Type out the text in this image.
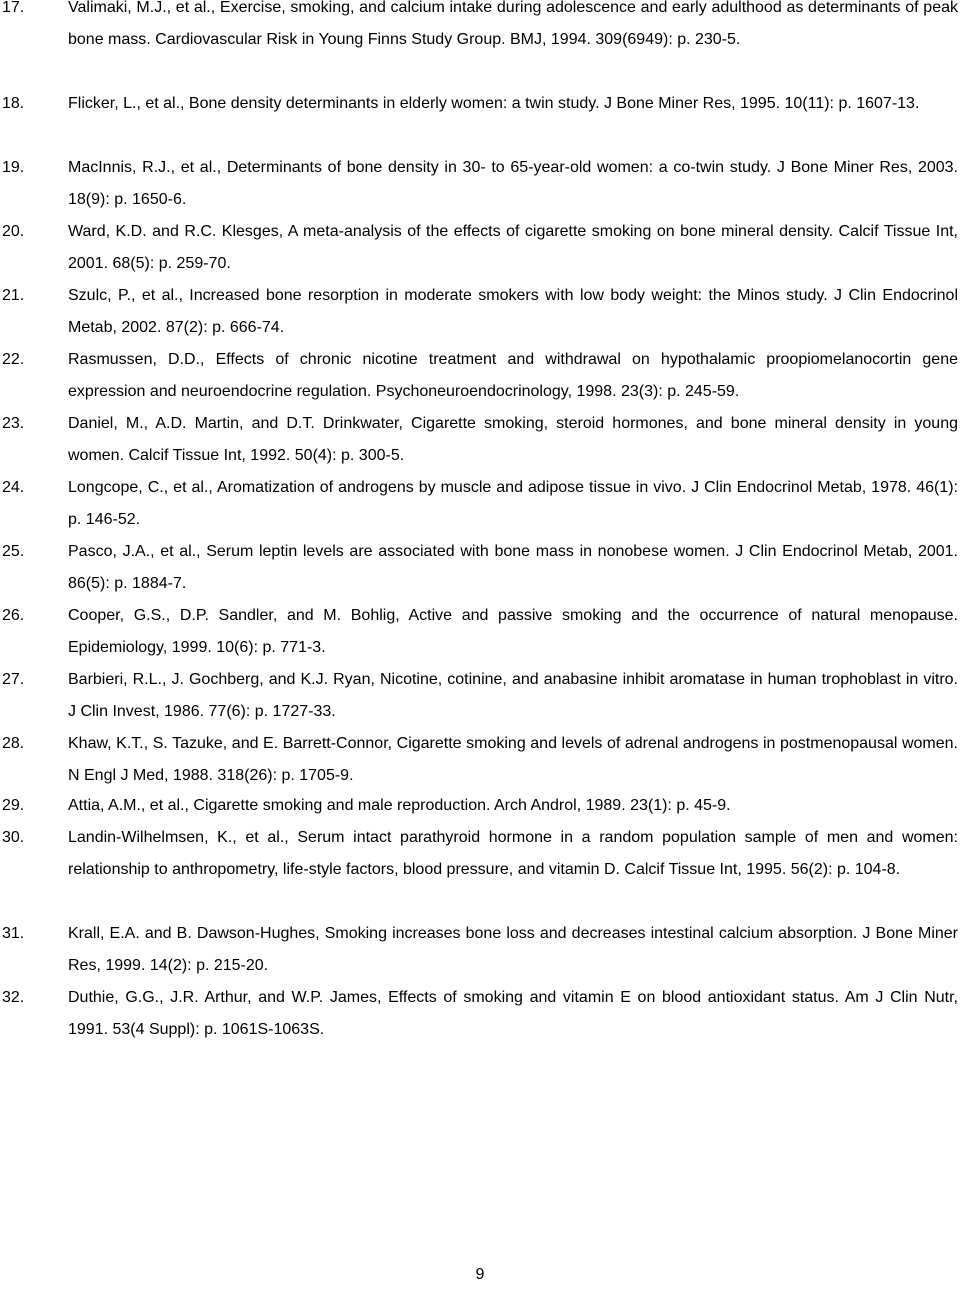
17.	Valimaki, M.J., et al., Exercise, smoking, and calcium intake during adolescence and early adulthood as determinants of peak bone mass. Cardiovascular Risk in Young Finns Study Group. BMJ, 1994. 309(6949): p. 230-5.
18.	Flicker, L., et al., Bone density determinants in elderly women: a twin study. J Bone Miner Res, 1995. 10(11): p. 1607-13.
19.	MacInnis, R.J., et al., Determinants of bone density in 30- to 65-year-old women: a co-twin study. J Bone Miner Res, 2003. 18(9): p. 1650-6.
20.	Ward, K.D. and R.C. Klesges, A meta-analysis of the effects of cigarette smoking on bone mineral density. Calcif Tissue Int, 2001. 68(5): p. 259-70.
21.	Szulc, P., et al., Increased bone resorption in moderate smokers with low body weight: the Minos study. J Clin Endocrinol Metab, 2002. 87(2): p. 666-74.
22.	Rasmussen, D.D., Effects of chronic nicotine treatment and withdrawal on hypothalamic proopiomelanocortin gene expression and neuroendocrine regulation. Psychoneuroendocrinology, 1998. 23(3): p. 245-59.
23.	Daniel, M., A.D. Martin, and D.T. Drinkwater, Cigarette smoking, steroid hormones, and bone mineral density in young women. Calcif Tissue Int, 1992. 50(4): p. 300-5.
24.	Longcope, C., et al., Aromatization of androgens by muscle and adipose tissue in vivo. J Clin Endocrinol Metab, 1978. 46(1): p. 146-52.
25.	Pasco, J.A., et al., Serum leptin levels are associated with bone mass in nonobese women. J Clin Endocrinol Metab, 2001. 86(5): p. 1884-7.
26.	Cooper, G.S., D.P. Sandler, and M. Bohlig, Active and passive smoking and the occurrence of natural menopause. Epidemiology, 1999. 10(6): p. 771-3.
27.	Barbieri, R.L., J. Gochberg, and K.J. Ryan, Nicotine, cotinine, and anabasine inhibit aromatase in human trophoblast in vitro. J Clin Invest, 1986. 77(6): p. 1727-33.
28.	Khaw, K.T., S. Tazuke, and E. Barrett-Connor, Cigarette smoking and levels of adrenal androgens in postmenopausal women. N Engl J Med, 1988. 318(26): p. 1705-9.
29.	Attia, A.M., et al., Cigarette smoking and male reproduction. Arch Androl, 1989. 23(1): p. 45-9.
30.	Landin-Wilhelmsen, K., et al., Serum intact parathyroid hormone in a random population sample of men and women: relationship to anthropometry, life-style factors, blood pressure, and vitamin D. Calcif Tissue Int, 1995. 56(2): p. 104-8.
31.	Krall, E.A. and B. Dawson-Hughes, Smoking increases bone loss and decreases intestinal calcium absorption. J Bone Miner Res, 1999. 14(2): p. 215-20.
32.	Duthie, G.G., J.R. Arthur, and W.P. James, Effects of smoking and vitamin E on blood antioxidant status. Am J Clin Nutr, 1991. 53(4 Suppl): p. 1061S-1063S.
9
